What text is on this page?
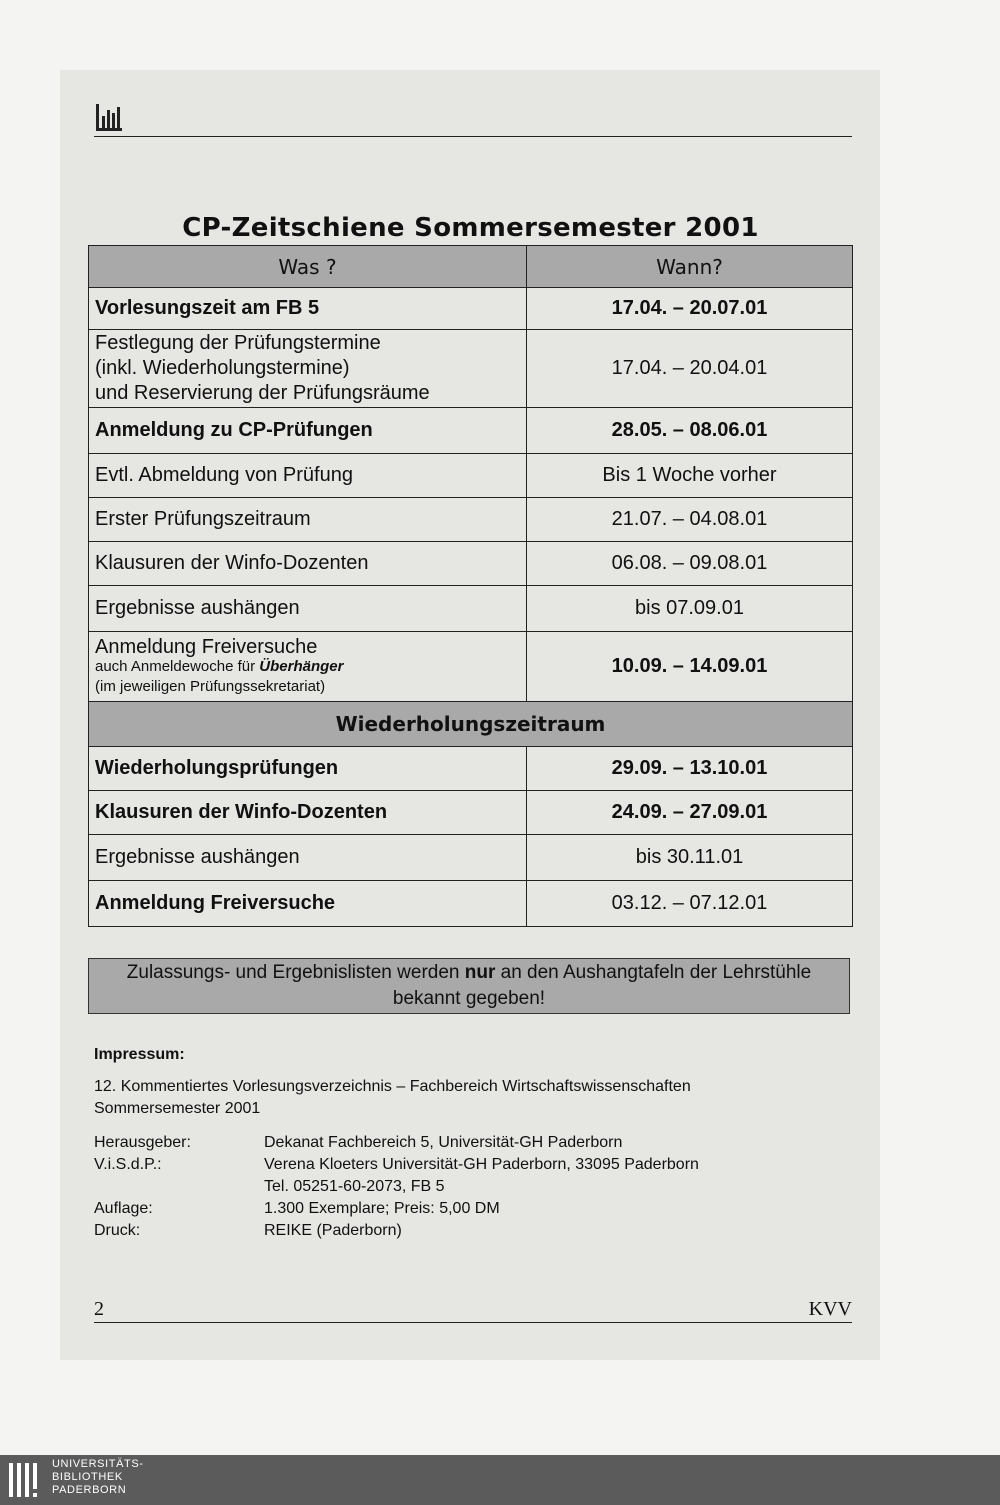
CP-Zeitschiene Sommersemester 2001
Was ?	Wann?
Vorlesungszeit am FB 5	17.04. – 20.07.01

Festlegung der Prüfungstermine
(inkl. Wiederholungstermine)
und Reservierung der Prüfungsräume	17.04. – 20.04.01
Anmeldung zu CP-Prüfungen	28.05. – 08.06.01
Evtl. Abmeldung von Prüfung	Bis 1 Woche vorher
Erster Prüfungszeitraum	21.07. – 04.08.01
Klausuren der Winfo-Dozenten	06.08. – 09.08.01
Ergebnisse aushängen	bis 07.09.01

Anmeldung Freiversuche
auch Anmeldewoche für Überhänger
(im jeweiligen Prüfungssekretariat)	10.09. – 14.09.01
Wiederholungszeitraum	
Wiederholungsprüfungen	29.09. – 13.10.01
Klausuren der Winfo-Dozenten	24.09. – 27.09.01
Ergebnisse aushängen	bis 30.11.01
Anmeldung Freiversuche	03.12. – 07.12.01
Zulassungs- und Ergebnislisten werden nur an den Aushangtafeln der Lehrstühle bekannt gegeben!
Impressum:
12. Kommentiertes Vorlesungsverzeichnis – Fachbereich Wirtschaftswissenschaften
Sommersemester 2001
Herausgeber:	Dekanat Fachbereich 5, Universität-GH Paderborn
V.i.S.d.P.:	Verena Kloeters Universität-GH Paderborn, 33095 Paderborn
Tel. 05251-60-2073, FB 5
Auflage:	1.300 Exemplare; Preis: 5,00 DM
Druck:	REIKE (Paderborn)
2	KVV
UNIVERSITÄTS-
BIBLIOTHEK
PADERBORN
